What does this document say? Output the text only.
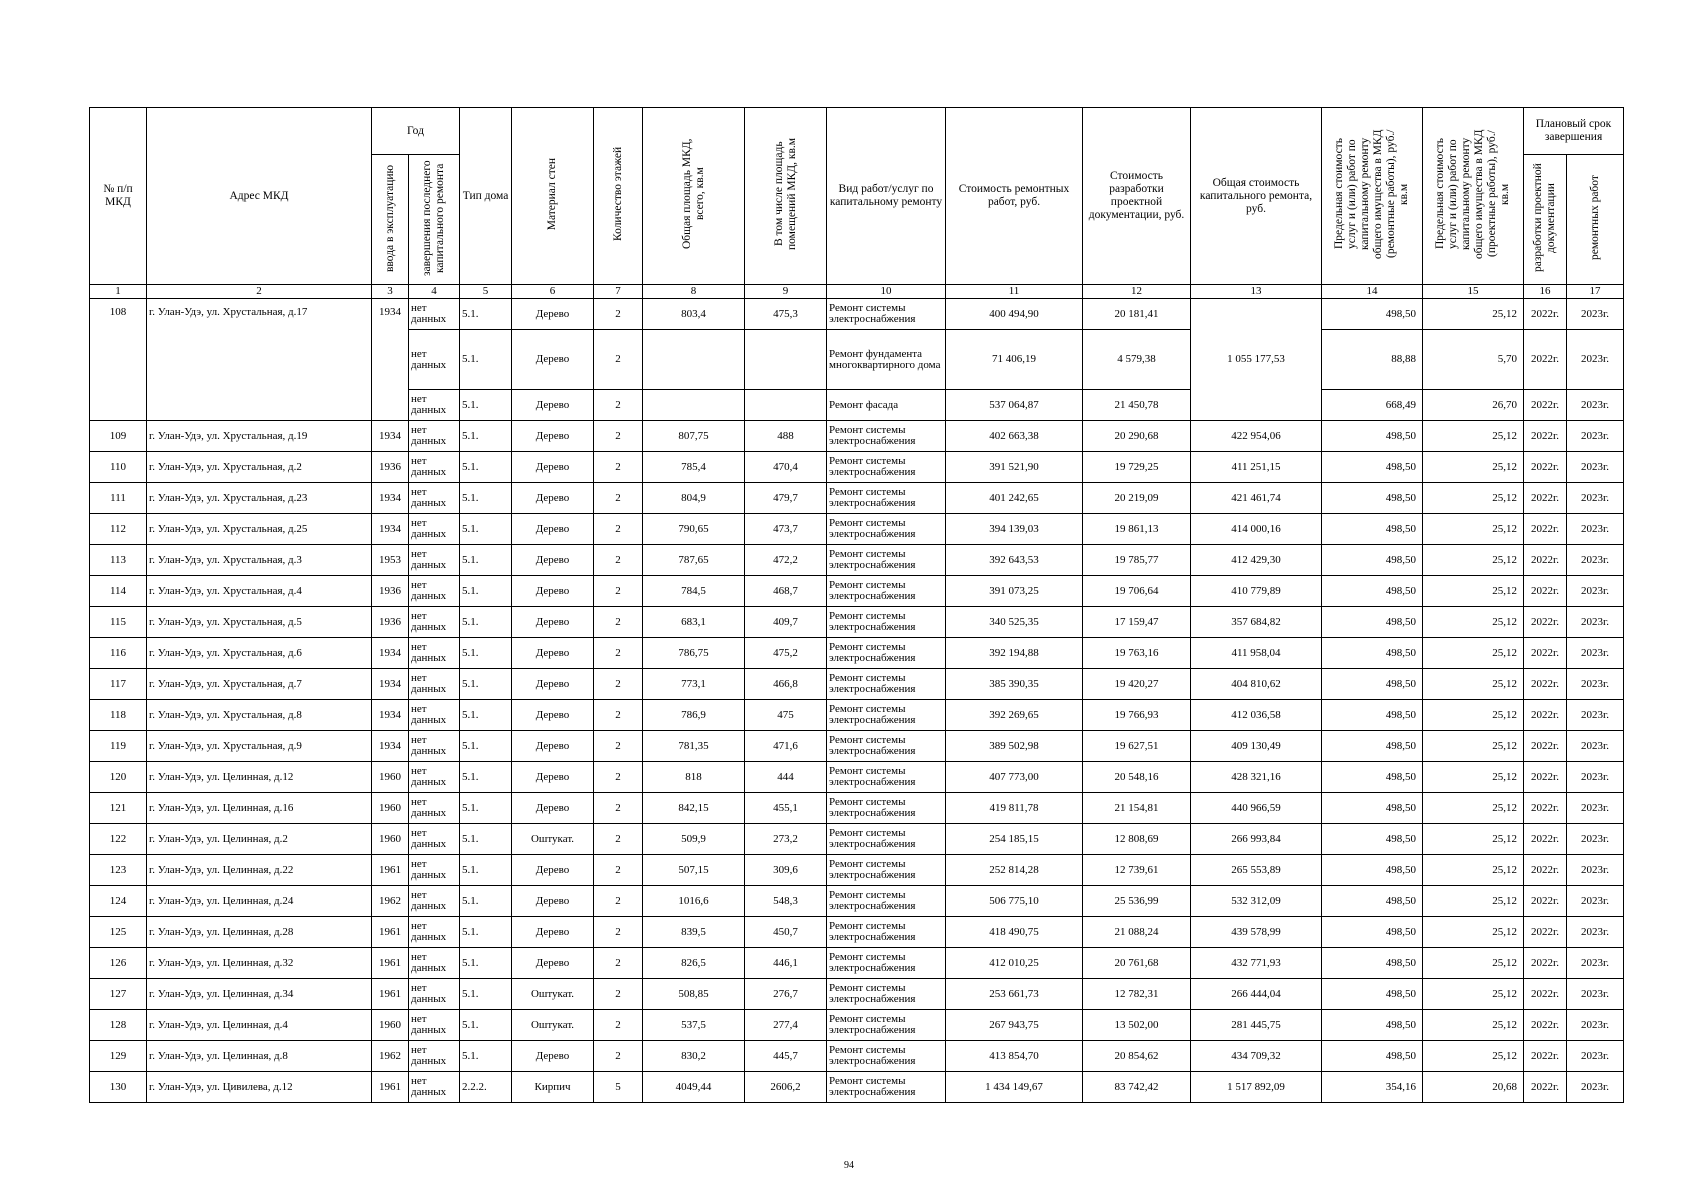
№ п/п МКД	Адрес МКД	Год		Тип дома	Материал стен	Количество этажей	Общая площадь МКД, всего, кв.м	В том числе площадь помещений МКД, кв.м	Вид работ/услуг по капитальному ремонту	Стоимость ремонтных работ, руб.	Стоимость разработки проектной документации, руб.	Общая стоимость капитального ремонта, руб.	Предельная стоимость услуг и (или) работ по капитальному ремонту общего имущества в МКД (ремонтные работы), руб./кв.м	Предельная стоимость услуг и (или) работ по капитальному ремонту общего имущества в МКД (проектные работы), руб./кв.м	Плановый срок завершения	
		ввода в эксплуатацию	завершения последнего капитального ремонта												разработки проектной документации	ремонтных работ
1	2	3	4	5	6	7	8	9	10	11	12	13	14	15	16	17
108	г. Улан-Удэ, ул. Хрустальная, д.17	1934	нет данных	5.1.	Дерево	2	803,4	475,3	Ремонт системы электроснабжения	400 494,90	20 181,41	1 055 177,53	498,50	25,12	2022г.	2023г.
			нет данных	5.1.	Дерево	2			Ремонт фундамента многоквартирного дома	71 406,19	4 579,38		88,88	5,70	2022г.	2023г.
			нет данных	5.1.	Дерево	2			Ремонт фасада	537 064,87	21 450,78		668,49	26,70	2022г.	2023г.
109	г. Улан-Удэ, ул. Хрустальная, д.19	1934	нет данных	5.1.	Дерево	2	807,75	488	Ремонт системы электроснабжения	402 663,38	20 290,68	422 954,06	498,50	25,12	2022г.	2023г.
110	г. Улан-Удэ, ул. Хрустальная, д.2	1936	нет данных	5.1.	Дерево	2	785,4	470,4	Ремонт системы электроснабжения	391 521,90	19 729,25	411 251,15	498,50	25,12	2022г.	2023г.
111	г. Улан-Удэ, ул. Хрустальная, д.23	1934	нет данных	5.1.	Дерево	2	804,9	479,7	Ремонт системы электроснабжения	401 242,65	20 219,09	421 461,74	498,50	25,12	2022г.	2023г.
112	г. Улан-Удэ, ул. Хрустальная, д.25	1934	нет данных	5.1.	Дерево	2	790,65	473,7	Ремонт системы электроснабжения	394 139,03	19 861,13	414 000,16	498,50	25,12	2022г.	2023г.
113	г. Улан-Удэ, ул. Хрустальная, д.3	1953	нет данных	5.1.	Дерево	2	787,65	472,2	Ремонт системы электроснабжения	392 643,53	19 785,77	412 429,30	498,50	25,12	2022г.	2023г.
114	г. Улан-Удэ, ул. Хрустальная, д.4	1936	нет данных	5.1.	Дерево	2	784,5	468,7	Ремонт системы электроснабжения	391 073,25	19 706,64	410 779,89	498,50	25,12	2022г.	2023г.
115	г. Улан-Удэ, ул. Хрустальная, д.5	1936	нет данных	5.1.	Дерево	2	683,1	409,7	Ремонт системы электроснабжения	340 525,35	17 159,47	357 684,82	498,50	25,12	2022г.	2023г.
116	г. Улан-Удэ, ул. Хрустальная, д.6	1934	нет данных	5.1.	Дерево	2	786,75	475,2	Ремонт системы электроснабжения	392 194,88	19 763,16	411 958,04	498,50	25,12	2022г.	2023г.
117	г. Улан-Удэ, ул. Хрустальная, д.7	1934	нет данных	5.1.	Дерево	2	773,1	466,8	Ремонт системы электроснабжения	385 390,35	19 420,27	404 810,62	498,50	25,12	2022г.	2023г.
118	г. Улан-Удэ, ул. Хрустальная, д.8	1934	нет данных	5.1.	Дерево	2	786,9	475	Ремонт системы электроснабжения	392 269,65	19 766,93	412 036,58	498,50	25,12	2022г.	2023г.
119	г. Улан-Удэ, ул. Хрустальная, д.9	1934	нет данных	5.1.	Дерево	2	781,35	471,6	Ремонт системы электроснабжения	389 502,98	19 627,51	409 130,49	498,50	25,12	2022г.	2023г.
120	г. Улан-Удэ, ул. Целинная, д.12	1960	нет данных	5.1.	Дерево	2	818	444	Ремонт системы электроснабжения	407 773,00	20 548,16	428 321,16	498,50	25,12	2022г.	2023г.
121	г. Улан-Удэ, ул. Целинная, д.16	1960	нет данных	5.1.	Дерево	2	842,15	455,1	Ремонт системы электроснабжения	419 811,78	21 154,81	440 966,59	498,50	25,12	2022г.	2023г.
122	г. Улан-Удэ, ул. Целинная, д.2	1960	нет данных	5.1.	Оштукат.	2	509,9	273,2	Ремонт системы электроснабжения	254 185,15	12 808,69	266 993,84	498,50	25,12	2022г.	2023г.
123	г. Улан-Удэ, ул. Целинная, д.22	1961	нет данных	5.1.	Дерево	2	507,15	309,6	Ремонт системы электроснабжения	252 814,28	12 739,61	265 553,89	498,50	25,12	2022г.	2023г.
124	г. Улан-Удэ, ул. Целинная, д.24	1962	нет данных	5.1.	Дерево	2	1016,6	548,3	Ремонт системы электроснабжения	506 775,10	25 536,99	532 312,09	498,50	25,12	2022г.	2023г.
125	г. Улан-Удэ, ул. Целинная, д.28	1961	нет данных	5.1.	Дерево	2	839,5	450,7	Ремонт системы электроснабжения	418 490,75	21 088,24	439 578,99	498,50	25,12	2022г.	2023г.
126	г. Улан-Удэ, ул. Целинная, д.32	1961	нет данных	5.1.	Дерево	2	826,5	446,1	Ремонт системы электроснабжения	412 010,25	20 761,68	432 771,93	498,50	25,12	2022г.	2023г.
127	г. Улан-Удэ, ул. Целинная, д.34	1961	нет данных	5.1.	Оштукат.	2	508,85	276,7	Ремонт системы электроснабжения	253 661,73	12 782,31	266 444,04	498,50	25,12	2022г.	2023г.
128	г. Улан-Удэ, ул. Целинная, д.4	1960	нет данных	5.1.	Оштукат.	2	537,5	277,4	Ремонт системы электроснабжения	267 943,75	13 502,00	281 445,75	498,50	25,12	2022г.	2023г.
129	г. Улан-Удэ, ул. Целинная, д.8	1962	нет данных	5.1.	Дерево	2	830,2	445,7	Ремонт системы электроснабжения	413 854,70	20 854,62	434 709,32	498,50	25,12	2022г.	2023г.
130	г. Улан-Удэ, ул. Цивилева, д.12	1961	нет данных	2.2.2.	Кирпич	5	4049,44	2606,2	Ремонт системы электроснабжения	1 434 149,67	83 742,42	1 517 892,09	354,16	20,68	2022г.	2023г.
94
